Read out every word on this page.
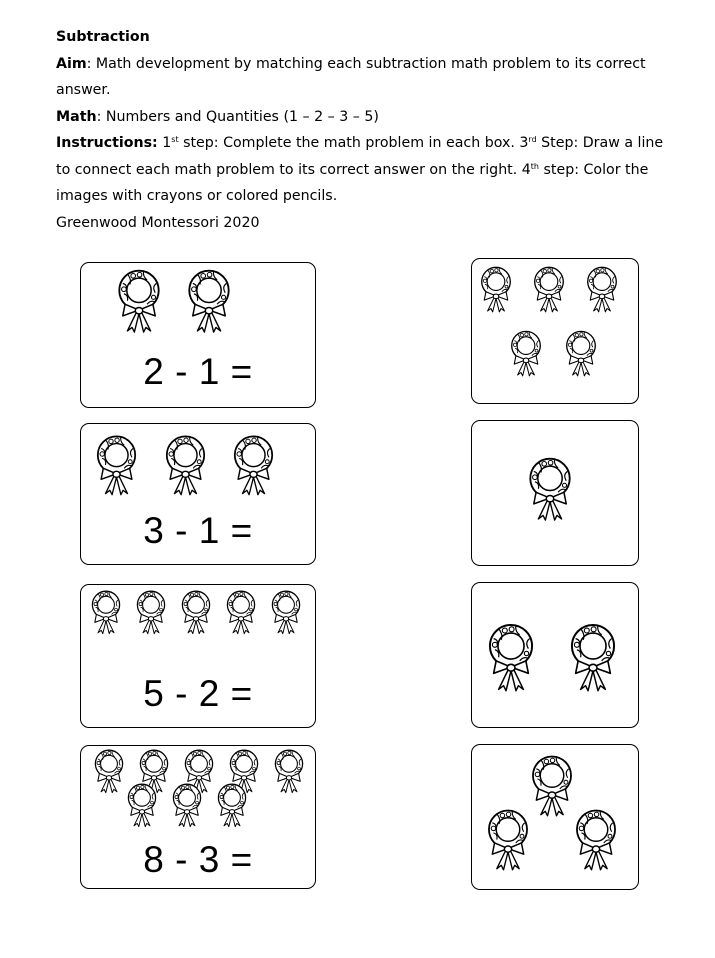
Subtraction

Aim: Math development by matching each subtraction math problem to its correct answer.

Math: Numbers and Quantities (1 – 2 – 3 – 5)

Instructions: 1st step: Complete the math problem in each box. 3rd Step: Draw a line to connect each math problem to its correct answer on the right. 4th step: Color the images with crayons or colored pencils.

Greenwood Montessori 2020

2 - 1 =
3 - 1 =
5 - 2 =
8 - 3 =
